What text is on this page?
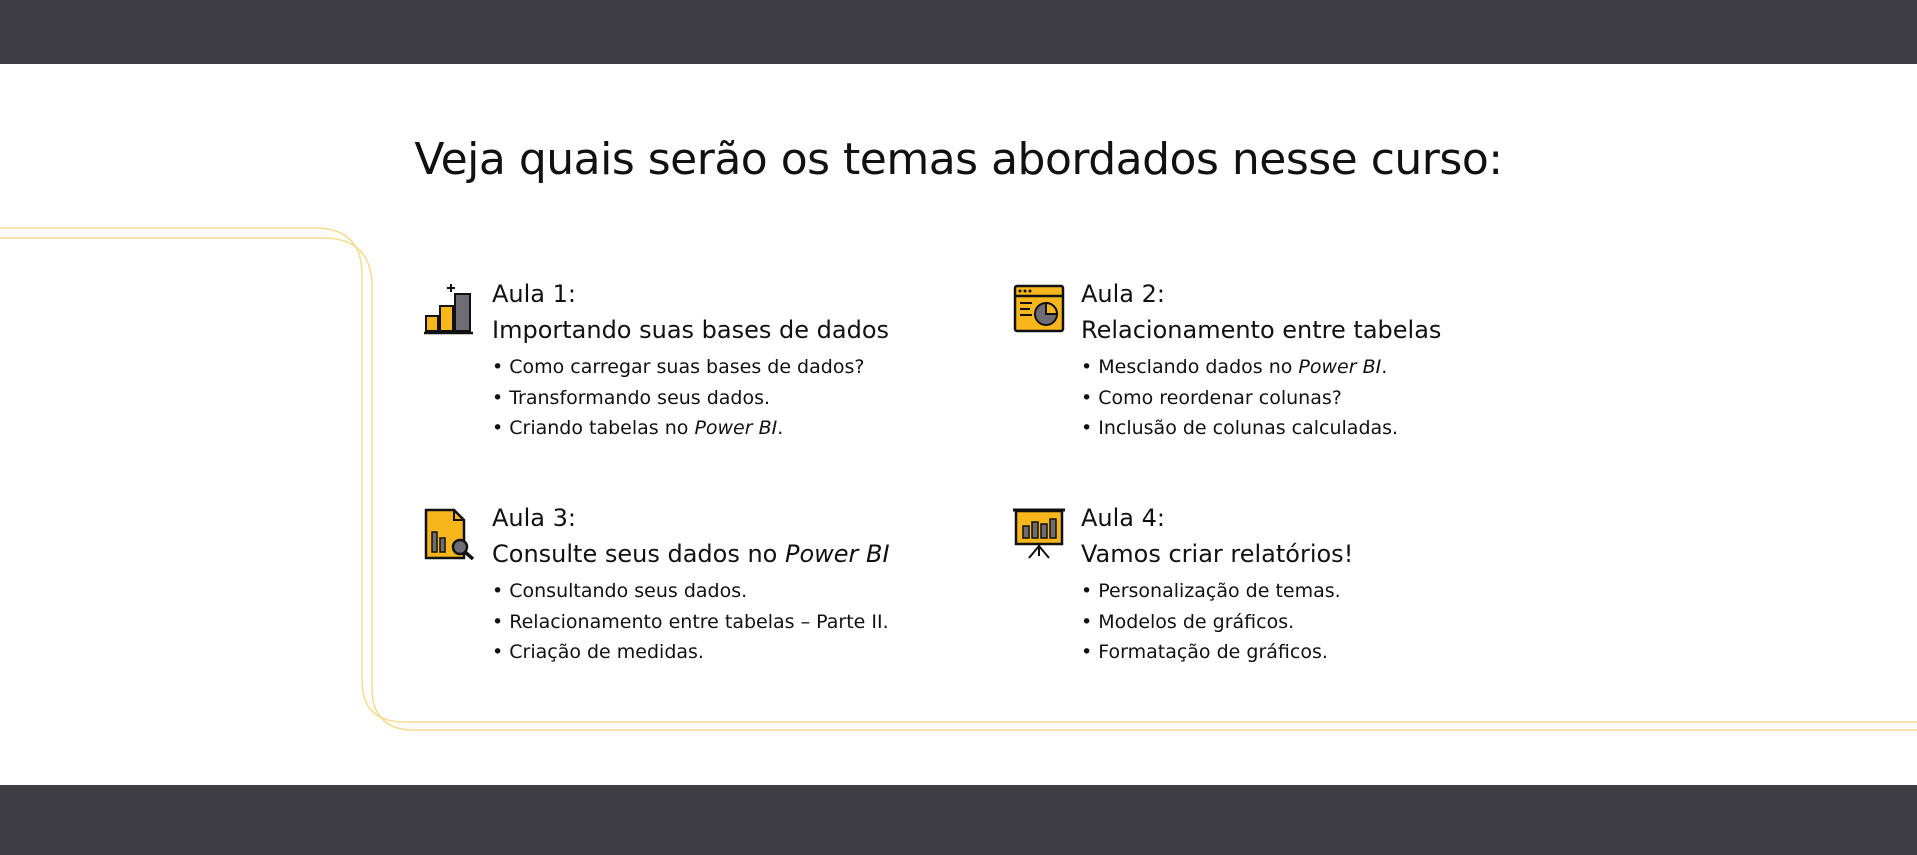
Veja quais serão os temas abordados nesse curso:
Aula 1:
Importando suas bases de dados
• Como carregar suas bases de dados?
• Transformando seus dados.
• Criando tabelas no Power BI.
Aula 2:
Relacionamento entre tabelas
• Mesclando dados no Power BI.
• Como reordenar colunas?
• Inclusão de colunas calculadas.
Aula 3:
Consulte seus dados no Power BI
• Consultando seus dados.
• Relacionamento entre tabelas – Parte II.
• Criação de medidas.
Aula 4:
Vamos criar relatórios!
• Personalização de temas.
• Modelos de gráficos.
• Formatação de gráficos.
